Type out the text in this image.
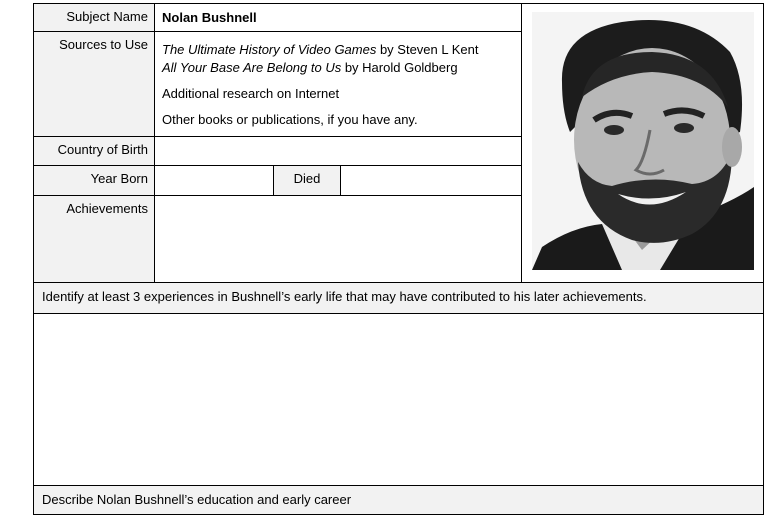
Subject Name
Sources to Use
Country of Birth
Year Born	Died
Achievements
Nolan Bushnell
The Ultimate History of Video Games by Steven L Kent
All Your Base Are Belong to Us by Harold Goldberg
Additional research on Internet
Other books or publications, if you have any.
Identify at least 3 experiences in Bushnell’s early life that may have contributed to his later achievements.
Describe Nolan Bushnell’s education and early career
